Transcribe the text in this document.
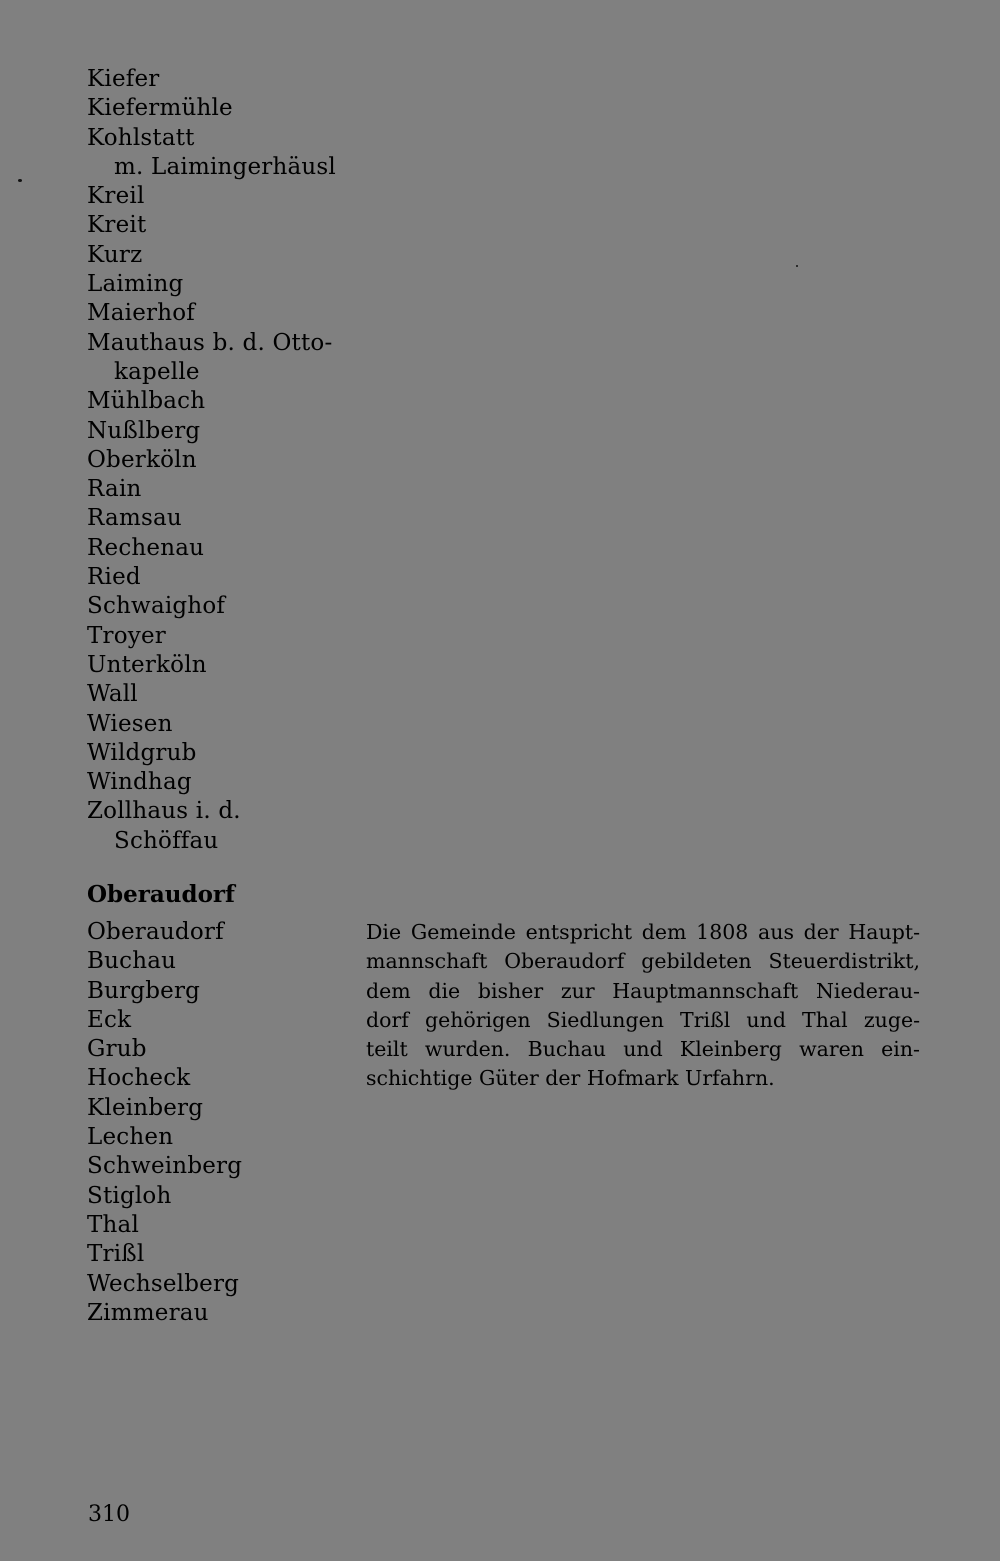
Kiefer
Kiefermühle
Kohlstatt
m. Laimingerhäusl
Kreil
Kreit
Kurz
Laiming
Maierhof
Mauthaus b. d. Otto-
kapelle
Mühlbach
Nußlberg
Oberköln
Rain
Ramsau
Rechenau
Ried
Schwaighof
Troyer
Unterköln
Wall
Wiesen
Wildgrub
Windhag
Zollhaus i. d.
Schöffau
Oberaudorf
Oberaudorf
Buchau
Burgberg
Eck
Grub
Hocheck
Kleinberg
Lechen
Schweinberg
Stigloh
Thal
Trißl
Wechselberg
Zimmerau

Die Gemeinde entspricht dem 1808 aus der Haupt-
mannschaft Oberaudorf gebildeten Steuerdistrikt,
dem die bisher zur Hauptmannschaft Niederau-
dorf gehörigen Siedlungen Trißl und Thal zuge-
teilt wurden. Buchau und Kleinberg waren ein-
schichtige Güter der Hofmark Urfahrn.

310
